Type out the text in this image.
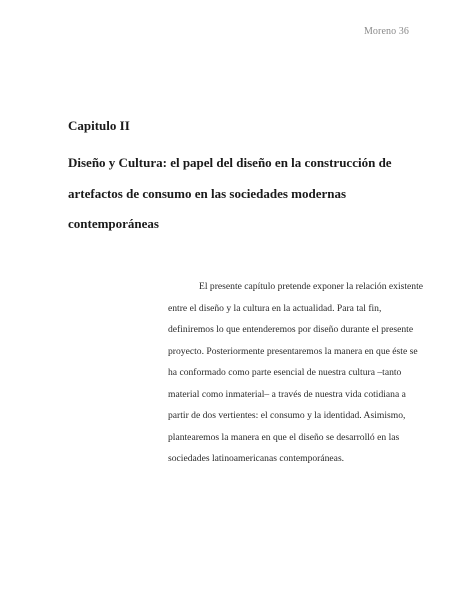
Moreno 36
Capitulo II
Diseño y Cultura: el papel del diseño en la construcción de
artefactos de consumo en las sociedades modernas
contemporáneas

El presente capítulo pretende exponer la relación existente
entre el diseño y la cultura en la actualidad. Para tal fin,
definiremos lo que entenderemos por diseño durante el presente
proyecto. Posteriormente presentaremos la manera en que éste se
ha conformado como parte esencial de nuestra cultura –tanto
material como inmaterial– a través de nuestra vida cotidiana a
partir de dos vertientes: el consumo y la identidad. Asimismo,
plantearemos la manera en que el diseño se desarrolló en las
sociedades latinoamericanas contemporáneas.
